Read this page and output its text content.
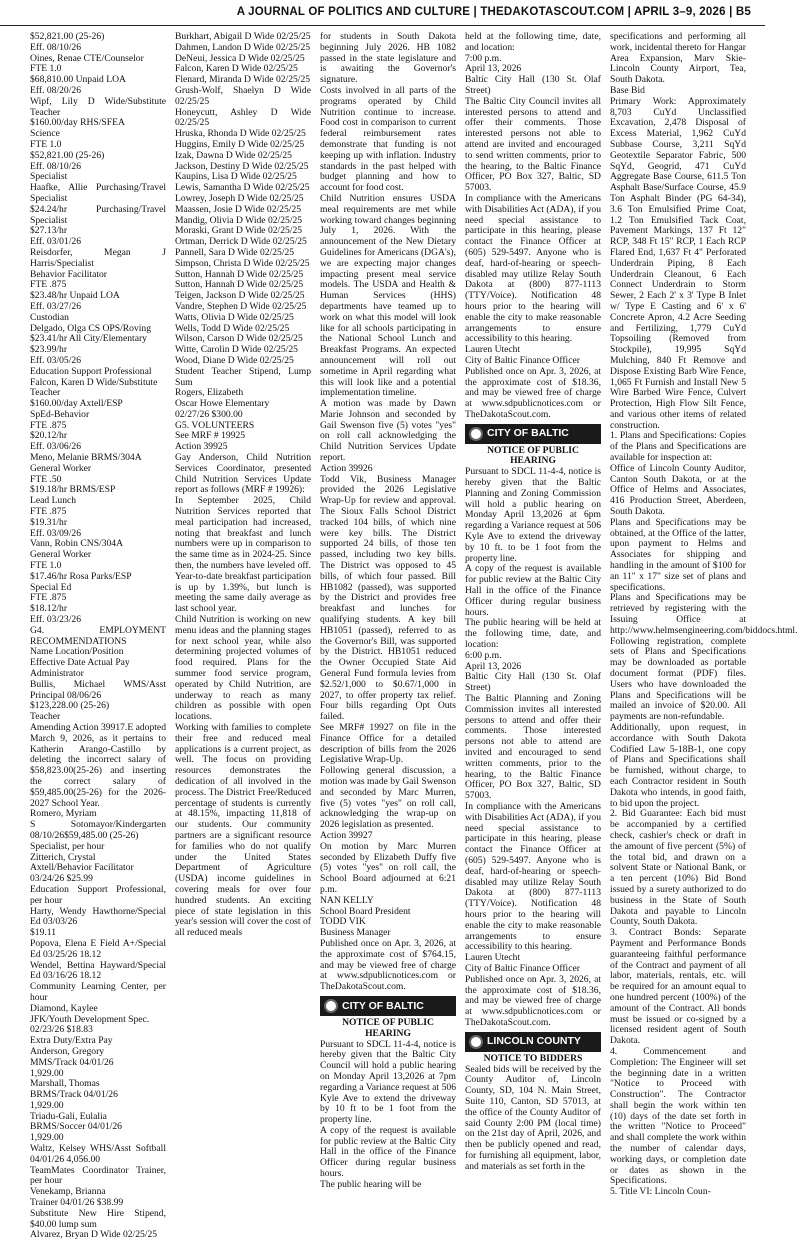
A JOURNAL OF POLITICS AND CULTURE | THEDAKOTASCOUT.COM | APRIL 3–9, 2026 | B5

$52,821.00 (25-26)

Eff. 08/10/26

Oines, Renae CTE/Counselor

FTE 1.0

$68,810.00 Unpaid LOA

Eff. 08/20/26

Wipf, Lily D Wide/Substitute Teacher

$160.00/day RHS/SFEA

Science

FTE 1.0

$52,821.00 (25-26)

Eff. 08/10/26

Specialist

Haafke, Allie Purchasing/Travel Specialist

$24.24/hr Purchasing/Travel Specialist

$27.13/hr

Eff. 03/01/26

Reisdorfer, Megan J Harris/Specialist

Behavior Facilitator

FTE .875

$23.48/hr Unpaid LOA

Eff. 03/27/26

Custodian

Delgado, Olga CS OPS/Roving

$23.41/hr All City/Elementary

$23.99/hr

Eff. 03/05/26

Education Support Professional

Falcon, Karen D Wide/Substitute

Teacher

$160.00/day Axtell/ESP

SpEd-Behavior

FTE .875

$20.12/hr

Eff. 03/06/26

Meno, Melanie BRMS/304A

General Worker

FTE .50

$19.18/hr BRMS/ESP

Lead Lunch

FTE .875

$19.31/hr

Eff. 03/09/26

Vann, Robin CNS/304A

General Worker

FTE 1.0

$17.46/hr Rosa Parks/ESP

Special Ed

FTE .875

$18.12/hr

Eff. 03/23/26

G4. EMPLOYMENT RECOMMENDATIONS

Name Location/Position

Effective Date Actual Pay

Administrator

Bullis, Michael WMS/Asst Principal 08/06/26

$123,228.00 (25-26)

Teacher

Amending Action 39917.E adopted March 9, 2026, as it pertains to Katherin Arango-Castillo by deleting the incorrect salary of $58,823.00(25-26) and inserting the correct salary of $59,485.00(25-26) for the 2026-2027 School Year.

Romero, Myriam

S Sotomayor/Kindergarten 08/10/26$59,485.00 (25-26)

Specialist, per hour

Zitterich, Crystal

Axtell/Behavior Facilitator

03/24/26 $25.99

Education Support Professional, per hour

Harty, Wendy Hawthorne/Special Ed 03/03/26

$19.11

Popova, Elena E Field A+/Special Ed 03/25/26 18.12

Wendel, Bettina Hayward/Special Ed 03/16/26 18.12

Community Learning Center, per hour

Diamond, Kaylee

JFK/Youth Development Spec.

02/23/26 $18.83

Extra Duty/Extra Pay

Anderson, Gregory

MMS/Track 04/01/26

1,929.00

Marshall, Thomas

BRMS/Track 04/01/26

1,929.00

Triadu-Gali, Eulalia

BRMS/Soccer 04/01/26

1,929.00

Waltz, Kelsey WHS/Asst Softball 04/01/26 4,056.00

TeamMates Coordinator Trainer, per hour

Venekamp, Brianna

Trainer 04/01/26 $38.99

Substitute New Hire Stipend, $40.00 lump sum

Alvarez, Bryan D Wide 02/25/25

Burkhart, Abigail D Wide 02/25/25

Dahmen, Landon D Wide 02/25/25

DeNeui, Jessica D Wide 02/25/25

Falcon, Karen D Wide 02/25/25

Flenard, Miranda D Wide 02/25/25

Grush-Wolf, Shaelyn D Wide 02/25/25

Honeycutt, Ashley D Wide 02/25/25

Hruska, Rhonda D Wide 02/25/25

Huggins, Emily D Wide 02/25/25

Izak, Dawna D Wide 02/25/25

Jackson, Destiny D Wide 02/25/25

Kaupins, Lisa D Wide 02/25/25

Lewis, Samantha D Wide 02/25/25

Lowrey, Joseph D Wide 02/25/25

Maassen, Josie D Wide 02/25/25

Mandig, Olivia D Wide 02/25/25

Moraski, Grant D Wide 02/25/25

Ortman, Derrick D Wide 02/25/25

Pannell, Sara D Wide 02/25/25

Simpson, Christa D Wide 02/25/25

Sutton, Hannah D Wide 02/25/25

Sutton, Hannah D Wide 02/25/25

Teigen, Jackson D Wide 02/25/25

Vandre, Stephen D Wide 02/25/25

Watts, Olivia D Wide 02/25/25

Wells, Todd D Wide 02/25/25

Wilson, Carson D Wide 02/25/25

Witte, Carolin D Wide 02/25/25

Wood, Diane D Wide 02/25/25

Student Teacher Stipend, Lump Sum

Rogers, Elizabeth

Oscar Howe Elementary

02/27/26 $300.00

G5. VOLUNTEERS

See MRF # 19925

Action 39925

Gay Anderson, Child Nutrition Services Coordinator, presented Child Nutrition Services Update report as follows (MRF # 19926):

In September 2025, Child Nutrition Services reported that meal participation had increased, noting that breakfast and lunch numbers were up in comparison to the same time as in 2024-25. Since then, the numbers have leveled off. Year-to-date breakfast participation is up by 1.39%, but lunch is meeting the same daily average as last school year.

Child Nutrition is working on new menu ideas and the planning stages for next school year, while also determining projected volumes of food required. Plans for the summer food service program, operated by Child Nutrition, are underway to reach as many children as possible with open locations.

Working with families to complete their free and reduced meal applications is a current project, as well. The focus on providing resources demonstrates the dedication of all involved in the process. The District Free/Reduced percentage of students is currently at 48.15%, impacting 11,818 of our students. Our community partners are a significant resource for families who do not qualify under the United States Department of Agriculture (USDA) income guidelines in covering meals for over four hundred students. An exciting piece of state legislation in this year's session will cover the cost of all reduced meals

for students in South Dakota beginning July 2026. HB 1082 passed in the state legislature and is awaiting the Governor's signature.

Costs involved in all parts of the programs operated by Child Nutrition continue to increase. Food cost in comparison to current federal reimbursement rates demonstrate that funding is not keeping up with inflation. Industry standards in the past helped with budget planning and how to account for food cost.

Child Nutrition ensures USDA meal requirements are met while working toward changes beginning July 1, 2026. With the announcement of the New Dietary Guidelines for Americans (DGA's), we are expecting major changes impacting present meal service models. The USDA and Health & Human Services (HHS) departments have teamed up to work on what this model will look like for all schools participating in the National School Lunch and Breakfast Programs. An expected announcement will roll out sometime in April regarding what this will look like and a potential implementation timeline.

A motion was made by Dawn Marie Johnson and seconded by Gail Swenson five (5) votes "yes" on roll call acknowledging the Child Nutrition Services Update report.

Action 39926

Todd Vik, Business Manager provided the 2026 Legislative Wrap-Up for review and approval. The Sioux Falls School District tracked 104 bills, of which nine were key bills. The District supported 24 bills, of those ten passed, including two key bills. The District was opposed to 45 bills, of which four passed. Bill HB1082 (passed), was supported by the District and provides free breakfast and lunches for qualifying students. A key bill HB1051 (passed), referred to as the Governor's Bill, was supported by the District. HB1051 reduced the Owner Occupied State Aid General Fund formula levies from $2.52/1,000 to $0.67/1,000 in 2027, to offer property tax relief. Four bills regarding Opt Outs failed.

See MRF# 19927 on file in the Finance Office for a detailed description of bills from the 2026 Legislative Wrap-Up.

Following general discussion, a motion was made by Gail Swenson and seconded by Marc Murren, five (5) votes "yes" on roll call, acknowledging the wrap-up on 2026 legislation as presented.

Action 39927

On motion by Marc Murren seconded by Elizabeth Duffy five (5) votes "yes" on roll call, the School Board adjourned at 6:21 p.m.

NAN KELLY

School Board President

TODD VIK

Business Manager

Published once on Apr. 3, 2026, at the approximate cost of $764.15, and may be viewed free of charge at www.sdpublicnotices.com or TheDakotaScout.com.

CITY OF BALTIC

NOTICE OF PUBLIC HEARING

Pursuant to SDCL 11-4-4, notice is hereby given that the Baltic City Council will hold a public hearing on Monday April 13,2026 at 7pm regarding a Variance request at 506 Kyle Ave to extend the driveway by 10 ft to be 1 foot from the property line.

A copy of the request is available for public review at the Baltic City Hall in the office of the Finance Officer during regular business hours.

The public hearing will be

held at the following time, date, and location:

7:00 p.m.

April 13, 2026

Baltic City Hall (130 St. Olaf Street)

The Baltic City Council invites all interested persons to attend and offer their comments. Those interested persons not able to attend are invited and encouraged to send written comments, prior to the hearing, to the Baltic Finance Officer, PO Box 327, Baltic, SD 57003.

In compliance with the Americans with Disabilities Act (ADA), if you need special assistance to participate in this hearing, please contact the Finance Officer at (605) 529-5497. Anyone who is deaf, hard-of-hearing or speech-disabled may utilize Relay South Dakota at (800) 877-1113 (TTY/Voice). Notification 48 hours prior to the hearing will enable the city to make reasonable arrangements to ensure accessibility to this hearing.

Lauren Utecht

City of Baltic Finance Officer

Published once on Apr. 3, 2026, at the approximate cost of $18.36, and may be viewed free of charge at www.sdpublicnotices.com or TheDakotaScout.com.

CITY OF BALTIC

NOTICE OF PUBLIC HEARING

Pursuant to SDCL 11-4-4, notice is hereby given that the Baltic Planning and Zoning Commission will hold a public hearing on Monday April 13,2026 at 6pm regarding a Variance request at 506 Kyle Ave to extend the driveway by 10 ft. to be 1 foot from the property line.

A copy of the request is available for public review at the Baltic City Hall in the office of the Finance Officer during regular business hours.

The public hearing will be held at the following time, date, and location:

6:00 p.m.

April 13, 2026

Baltic City Hall (130 St. Olaf Street)

The Baltic Planning and Zoning Commission invites all interested persons to attend and offer their comments. Those interested persons not able to attend are invited and encouraged to send written comments, prior to the hearing, to the Baltic Finance Officer, PO Box 327, Baltic, SD 57003.

In compliance with the Americans with Disabilities Act (ADA), if you need special assistance to participate in this hearing, please contact the Finance Officer at (605) 529-5497. Anyone who is deaf, hard-of-hearing or speech-disabled may utilize Relay South Dakota at (800) 877-1113 (TTY/Voice). Notification 48 hours prior to the hearing will enable the city to make reasonable arrangements to ensure accessibility to this hearing.

Lauren Utecht

City of Baltic Finance Officer

Published once on Apr. 3, 2026, at the approximate cost of $18.36, and may be viewed free of charge at www.sdpublicnotices.com or TheDakotaScout.com.

LINCOLN COUNTY

NOTICE TO BIDDERS

Sealed bids will be received by the County Auditor of, Lincoln County, SD, 104 N. Main Street, Suite 110, Canton, SD 57013, at the office of the County Auditor of said County 2:00 PM (local time) on the 21st day of April, 2026, and then be publicly opened and read, for furnishing all equipment, labor, and materials as set forth in the

specifications and performing all work, incidental thereto for Hangar Area Expansion, Marv Skie-Lincoln County Airport, Tea, South Dakota.

Base Bid

Primary Work: Approximately 8,703 CuYd Unclassified Excavation, 2,478 Disposal of Excess Material, 1,962 CuYd Subbase Course, 3,211 SqYd Geotextile Separator Fabric, 500 SqYd, Geogrid, 471 CuYd Aggregate Base Course, 611.5 Ton Asphalt Base/Surface Course, 45.9 Ton Asphalt Binder (PG 64-34), 3.6 Ton Emulsified Prime Coat, 1.2 Ton Emulsified Tack Coat, Pavement Markings, 137 Ft 12" RCP, 348 Ft 15" RCP, 1 Each RCP Flared End, 1,637 Ft 4" Perforated Underdrain Piping, 8 Each Underdrain Cleanout, 6 Each Connect Underdrain to Storm Sewer, 2 Each 2' x 3' Type B Inlet w/ Type E Casting and 6' x 6' Concrete Apron, 4.2 Acre Seeding and Fertilizing, 1,779 CuYd Topsoiling (Removed from Stockpile), 19,995 SqYd Mulching, 840 Ft Remove and Dispose Existing Barb Wire Fence, 1,065 Ft Furnish and Install New 5 Wire Barbed Wire Fence, Culvert Protection, High Flow Silt Fence, and various other items of related construction.

1. Plans and Specifications: Copies of the Plans and Specifications are available for inspection at:

Office of Lincoln County Auditor, Canton South Dakota, or at the Office of Helms and Associates, 416 Production Street, Aberdeen, South Dakota.

Plans and Specifications may be obtained, at the Office of the latter, upon payment to Helms and Associates for shipping and handling in the amount of $100 for an 11" x 17" size set of plans and specifications.

Plans and Specifications may be retrieved by registering with the Issuing Office at http://www.helmsengineering.com/biddocs.html. Following registration, complete sets of Plans and Specifications may be downloaded as portable document format (PDF) files. Users who have downloaded the Plans and Specifications will be mailed an invoice of $20.00. All payments are non-refundable.

Additionally, upon request, in accordance with South Dakota Codified Law 5-18B-1, one copy of Plans and Specifications shall be furnished, without charge, to each Contractor resident in South Dakota who intends, in good faith, to bid upon the project.

2. Bid Guarantee: Each bid must be accompanied by a certified check, cashier's check or draft in the amount of five percent (5%) of the total bid, and drawn on a solvent State or National Bank, or a ten percent (10%) Bid Bond issued by a surety authorized to do business in the State of South Dakota and payable to Lincoln County, South Dakota.

3. Contract Bonds: Separate Payment and Performance Bonds guaranteeing faithful performance of the Contract and payment of all labor, materials, rentals, etc. will be required for an amount equal to one hundred percent (100%) of the amount of the Contract. All bonds must be issued or co-signed by a licensed resident agent of South Dakota.

4. Commencement and Completion: The Engineer will set the beginning date in a written "Notice to Proceed with Construction". The Contractor shall begin the work within ten (10) days of the date set forth in the written "Notice to Proceed" and shall complete the work within the number of calendar days, working days, or completion date or dates as shown in the Specifications.

5. Title VI: Lincoln Coun-
